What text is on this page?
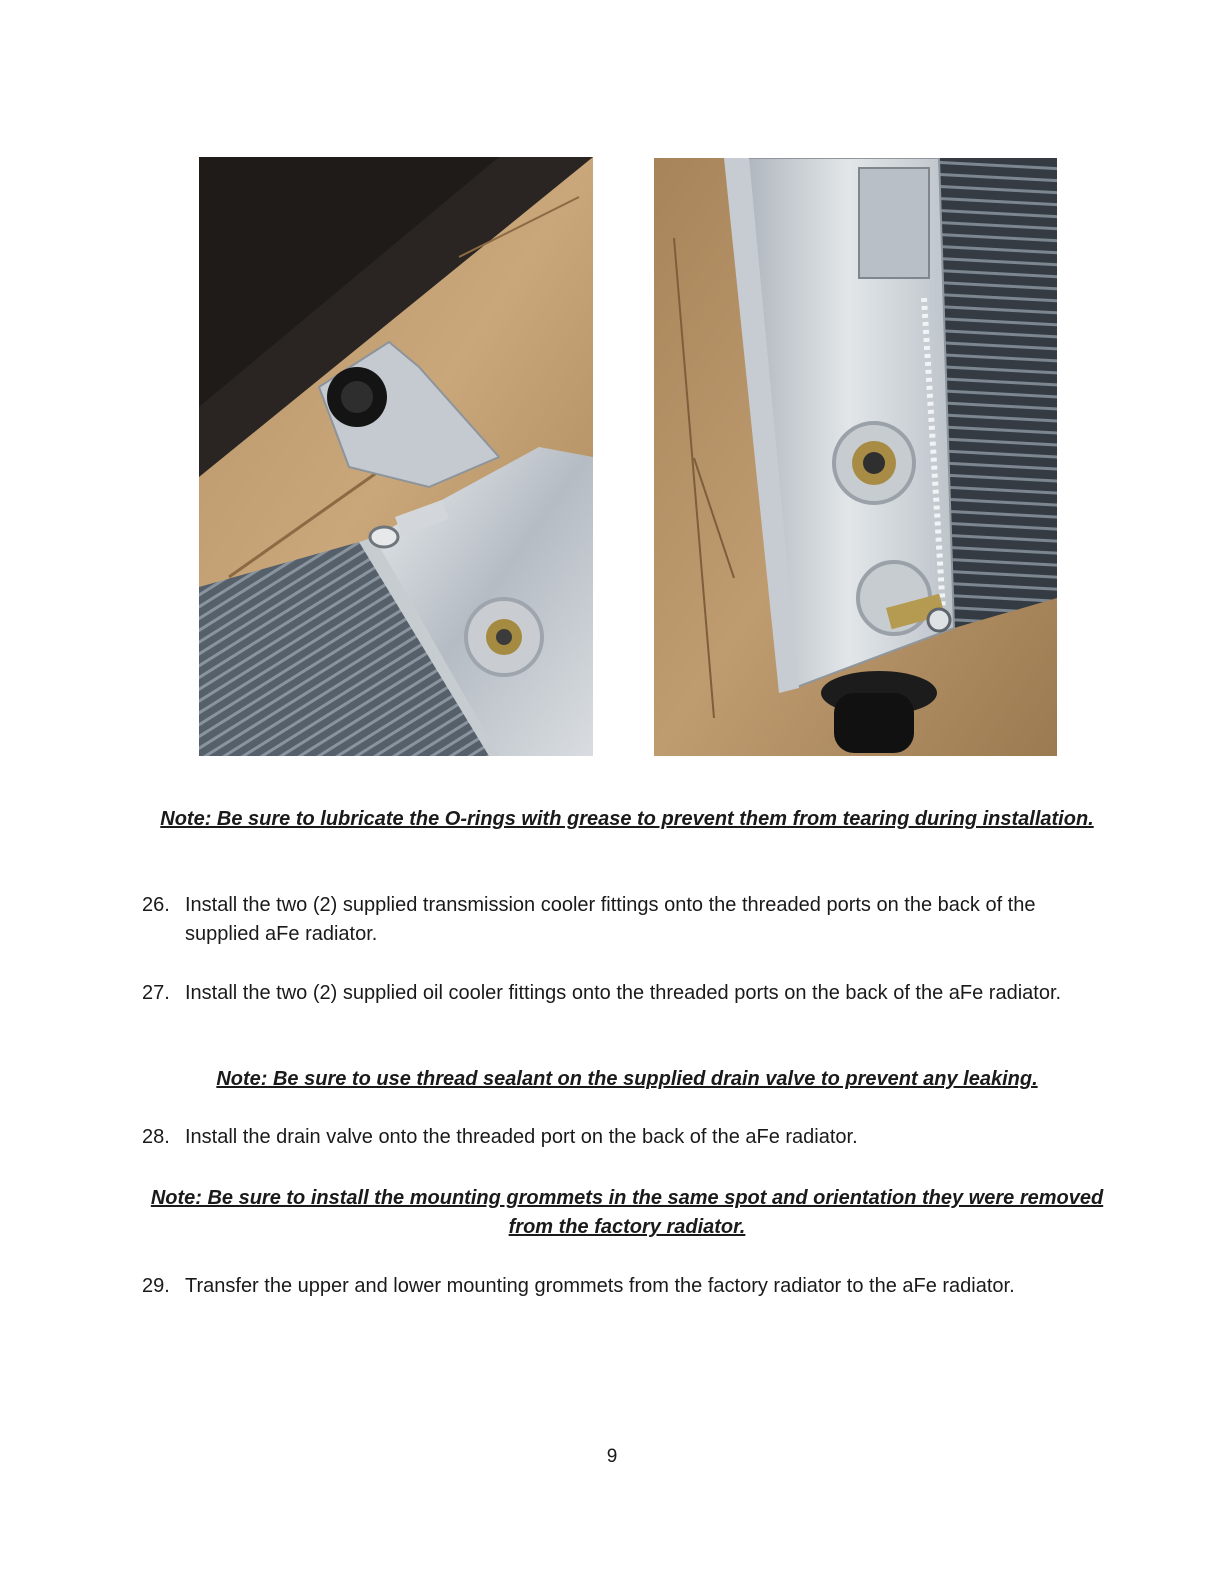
Note: Be sure to lubricate the O-rings with grease to prevent them from tearing during installation.
26. Install the two (2) supplied transmission cooler fittings onto the threaded ports on the back of the supplied aFe radiator.
27. Install the two (2) supplied oil cooler fittings onto the threaded ports on the back of the aFe radiator.
Note: Be sure to use thread sealant on the supplied drain valve to prevent any leaking.
28. Install the drain valve onto the threaded port on the back of the aFe radiator.
Note: Be sure to install the mounting grommets in the same spot and orientation they were removed from the factory radiator.
29. Transfer the upper and lower mounting grommets from the factory radiator to the aFe radiator.
9
